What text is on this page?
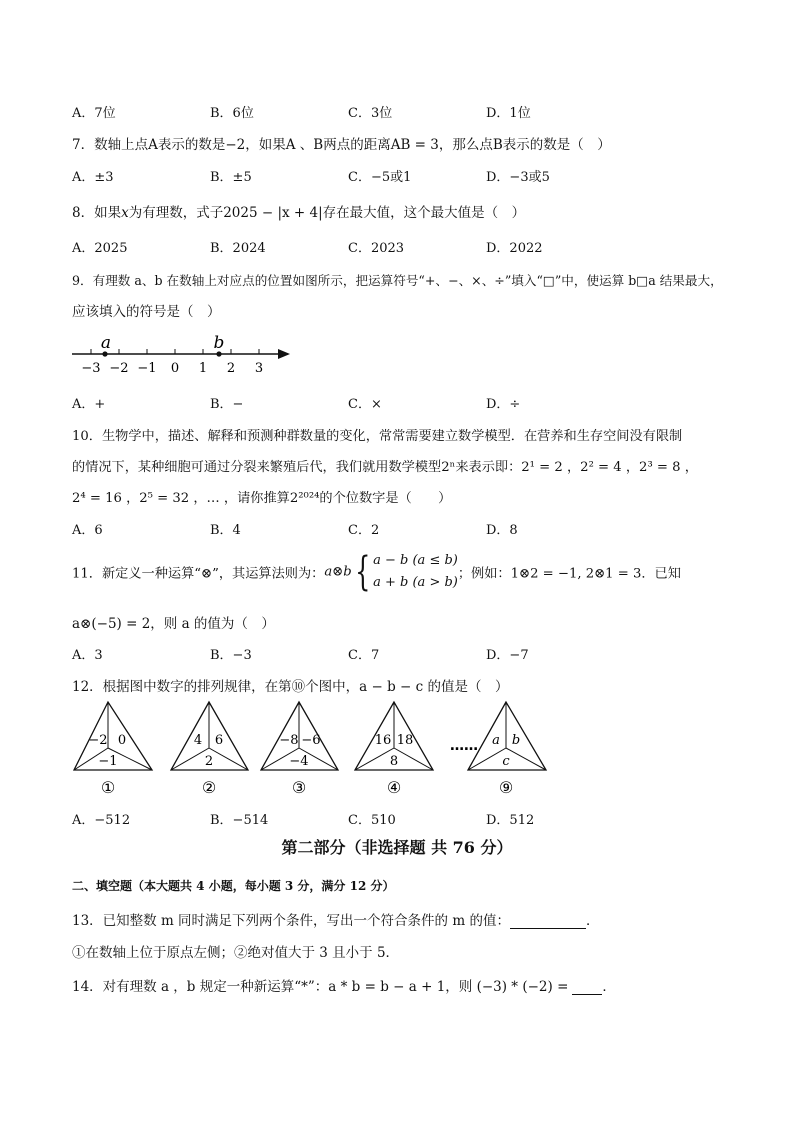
A．7位	B．6位	C．3位	D．1位
7．数轴上点A表示的数是−2，如果A 、B两点的距离AB = 3，那么点B表示的数是（　）
A．±3	B．±5	C．−5或1	D．−3或5
8．如果x为有理数，式子2025 − |x + 4|存在最大值，这个最大值是（　）
A．2025	B．2024	C．2023	D．2022
9．有理数 a、b 在数轴上对应点的位置如图所示，把运算符号“+、−、×、÷”填入“□”中，使运算 b□a 结果最大，
应该填入的符号是（　）
−3 −2 −1 0 1 2 3
a	b
A．+	B．−	C．×	D．÷
10．生物学中，描述、解释和预测种群数量的变化，常常需要建立数学模型．在营养和生存空间没有限制
的情况下，某种细胞可通过分裂来繁殖后代，我们就用数学模型2ⁿ来表示即：2¹ = 2 ，2² = 4 ，2³ = 8 ，
2⁴ = 16 ，2⁵ = 32 ，… ，请你推算2²⁰²⁴的个位数字是（　　）
A．6	B．4	C．2	D．8
11．新定义一种运算“⊗”，其运算法则为：a⊗b{ a − b (a ≤ b)
a + b (a > b)；例如：1⊗2 = −1, 2⊗1 = 3．已知
a⊗(−5) = 2，则 a 的值为（　）
A．3	B．−3	C．7	D．−7
12．根据图中数字的排列规律，在第⑩个图中，a − b − c 的值是（　）
−2 0
−1
①
4 6
2
②
−8 −6
−4
③
16 18
8
④
…… a b
c
⑨
A．−512	B．−514	C．510	D．512
第二部分（非选择题 共 76 分）
二、填空题（本大题共 4 小题，每小题 3 分，满分 12 分）
13．已知整数 m 同时满足下列两个条件，写出一个符合条件的 m 的值：	．
①在数轴上位于原点左侧；②绝对值大于 3 且小于 5．
14．对有理数 a ，b 规定一种新运算“*”：a * b = b − a + 1，则 (−3) * (−2) =	．
